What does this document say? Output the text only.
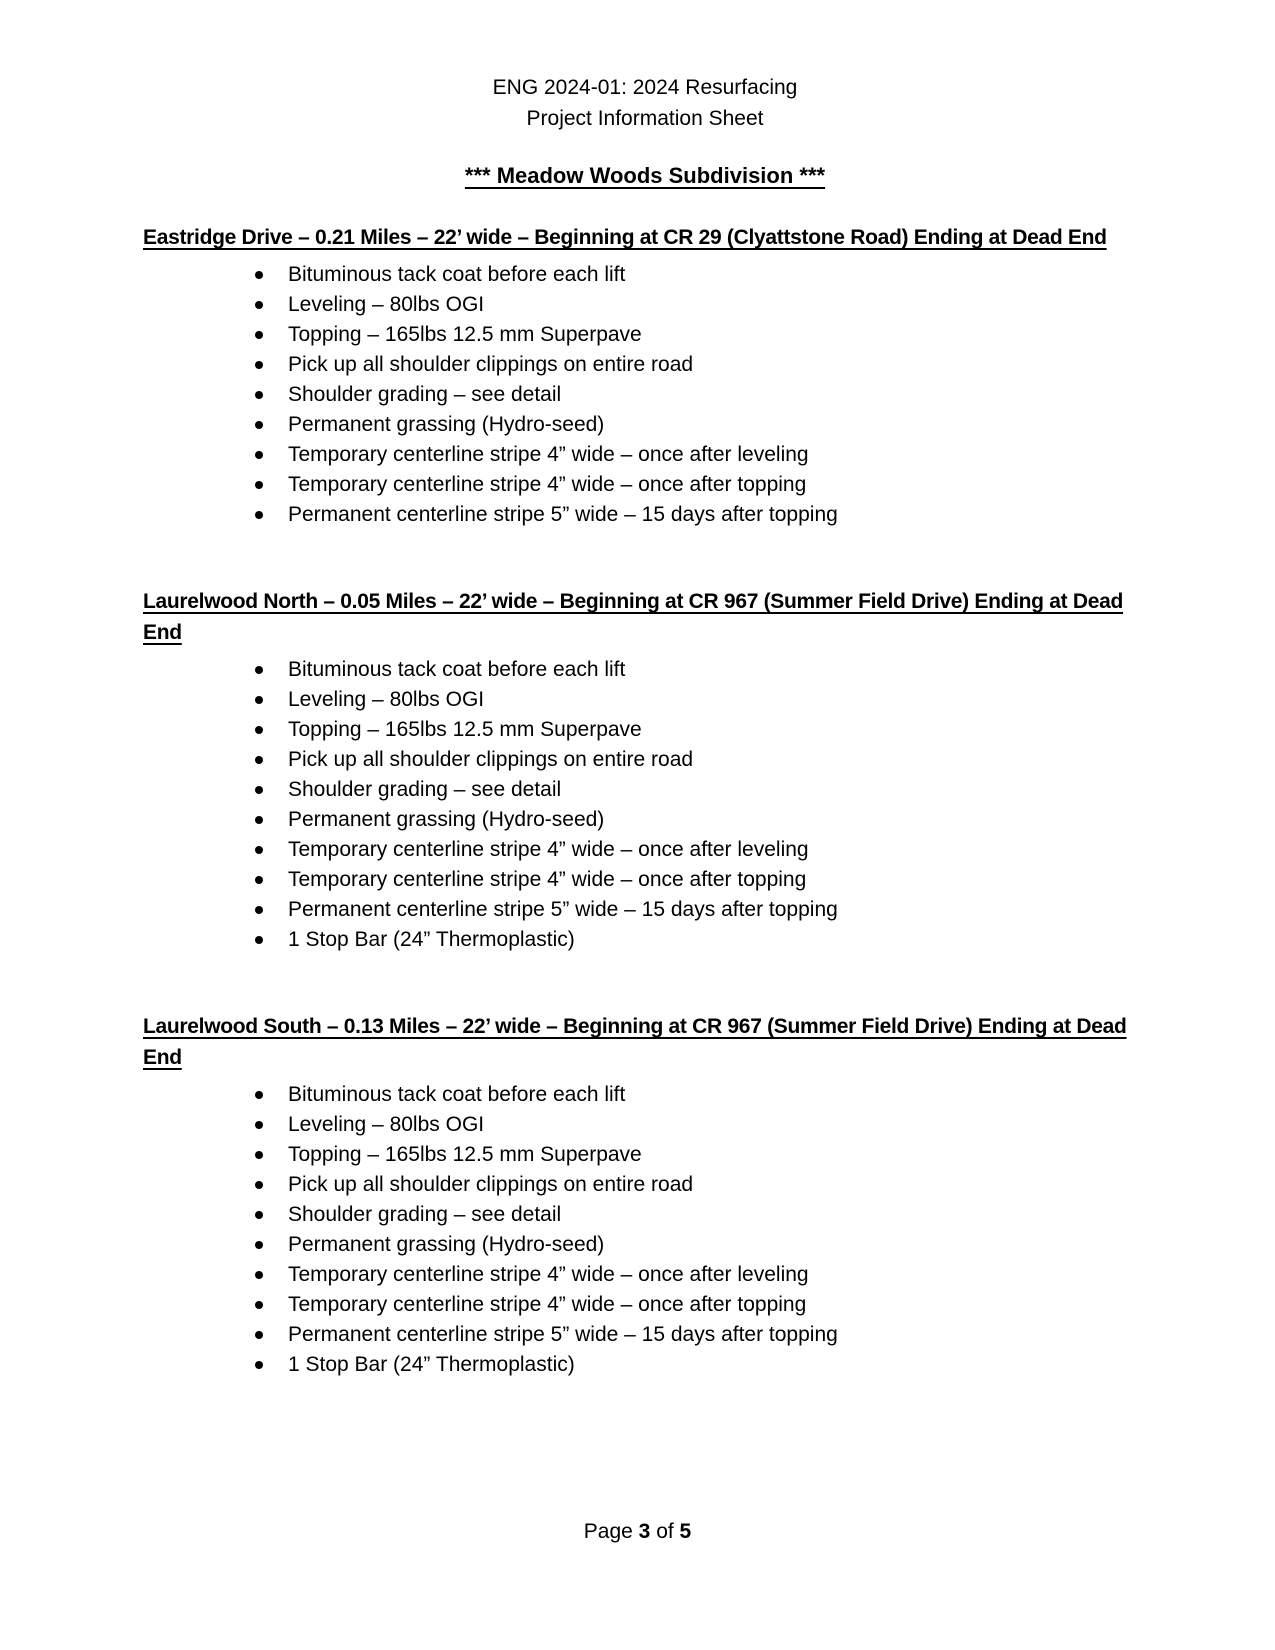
ENG 2024-01: 2024 Resurfacing
Project Information Sheet
*** Meadow Woods Subdivision ***
Eastridge Drive – 0.21 Miles – 22’ wide – Beginning at CR 29 (Clyattstone Road) Ending at Dead End
Bituminous tack coat before each lift
Leveling – 80lbs OGI
Topping – 165lbs 12.5 mm Superpave
Pick up all shoulder clippings on entire road
Shoulder grading – see detail
Permanent grassing (Hydro-seed)
Temporary centerline stripe 4” wide – once after leveling
Temporary centerline stripe 4” wide – once after topping
Permanent centerline stripe 5” wide – 15 days after topping
Laurelwood North – 0.05 Miles – 22’ wide – Beginning at CR 967 (Summer Field Drive) Ending at Dead End
Bituminous tack coat before each lift
Leveling – 80lbs OGI
Topping – 165lbs 12.5 mm Superpave
Pick up all shoulder clippings on entire road
Shoulder grading – see detail
Permanent grassing (Hydro-seed)
Temporary centerline stripe 4” wide – once after leveling
Temporary centerline stripe 4” wide – once after topping
Permanent centerline stripe 5” wide – 15 days after topping
1 Stop Bar (24” Thermoplastic)
Laurelwood South – 0.13 Miles – 22’ wide – Beginning at CR 967 (Summer Field Drive) Ending at Dead End
Bituminous tack coat before each lift
Leveling – 80lbs OGI
Topping – 165lbs 12.5 mm Superpave
Pick up all shoulder clippings on entire road
Shoulder grading – see detail
Permanent grassing (Hydro-seed)
Temporary centerline stripe 4” wide – once after leveling
Temporary centerline stripe 4” wide – once after topping
Permanent centerline stripe 5” wide – 15 days after topping
1 Stop Bar (24” Thermoplastic)
Page 3 of 5
